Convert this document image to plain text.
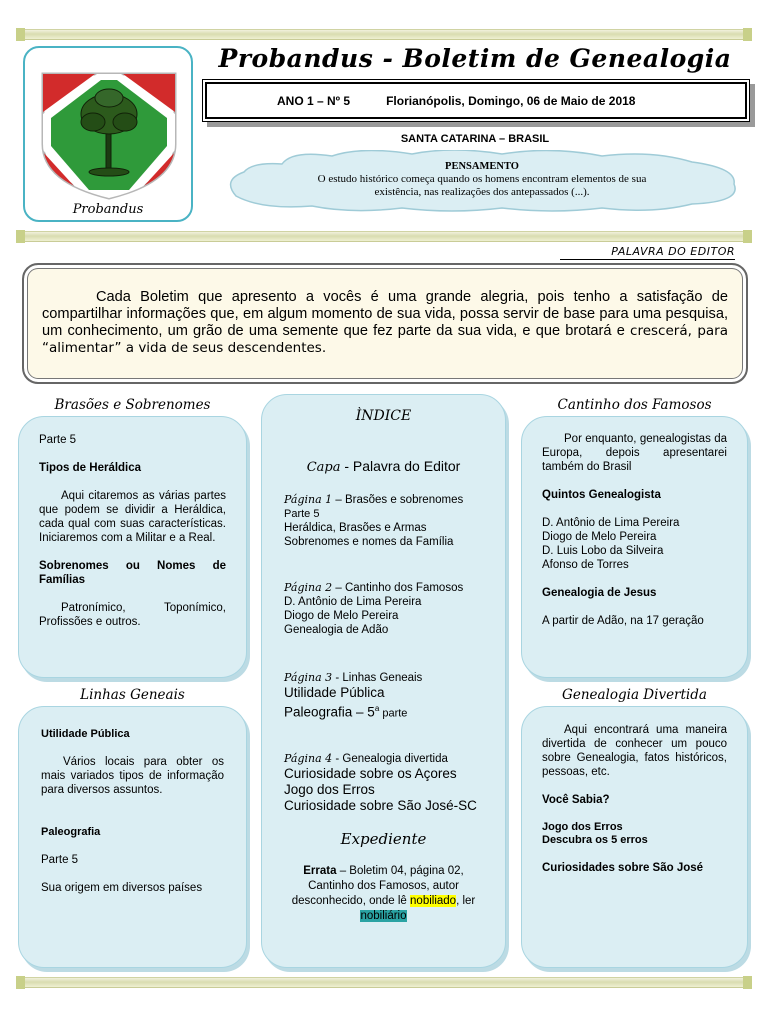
Probandus
Probandus - Boletim de Genealogia
ANO 1 – Nº 5	Florianópolis, Domingo, 06 de Maio de 2018
SANTA CATARINA – BRASIL
PENSAMENTO
O estudo histórico começa quando os homens encontram elementos de sua existência, nas realizações dos antepassados (...).
PALAVRA DO EDITOR

Cada Boletim que apresento a vocês é uma grande alegria, pois tenho a satisfação de compartilhar informações que, em algum momento de sua vida, possa servir de base para uma pesquisa, um conhecimento, um grão de uma semente que fez parte da sua vida, e que brotará e crescerá, para “alimentar” a vida de seus descendentes.

Brasões e Sobrenomes

Parte 5

Tipos de Heráldica

Aqui citaremos as várias partes que podem se dividir a Heráldica, cada qual com suas características. Iniciaremos com a Militar e a Real.

Sobrenomes ou Nomes de Famílias

Patronímico, Toponímico, Profissões e outros.

Linhas Geneais

Utilidade Pública

Vários locais para obter os mais variados tipos de informação para diversos assuntos.

Paleografia

Parte 5

Sua origem em diversos países

ÌNDICE

Capa - Palavra do Editor

Página 1 – Brasões e sobrenomes

Parte 5

Heráldica, Brasões e Armas

Sobrenomes e nomes da Família

Página 2 – Cantinho dos Famosos

D. Antônio de Lima Pereira

Diogo de Melo Pereira

Genealogia de Adão

Página 3 - Linhas Geneais

Utilidade Pública

Paleografia – 5$^a$ parte

Página 4 - Genealogia divertida

Curiosidade sobre os Açores

Jogo dos Erros

Curiosidade sobre São José-SC

Expediente

Errata – Boletim 04, página 02, Cantinho dos Famosos, autor desconhecido, onde lê nobiliado, ler nobiliário

Cantinho dos Famosos

Por enquanto, genealogistas da Europa, depois apresentarei também do Brasil

Quintos Genealogista

D. Antônio de Lima Pereira

Diogo de Melo Pereira

D. Luis Lobo da Silveira

Afonso de Torres

Genealogia de Jesus

A partir de Adão, na 17 geração

Genealogia Divertida

Aqui encontrará uma maneira divertida de conhecer um pouco sobre Genealogia, fatos históricos, pessoas, etc.

Você Sabia?

Jogo dos Erros

Descubra os 5 erros

Curiosidades sobre São José
